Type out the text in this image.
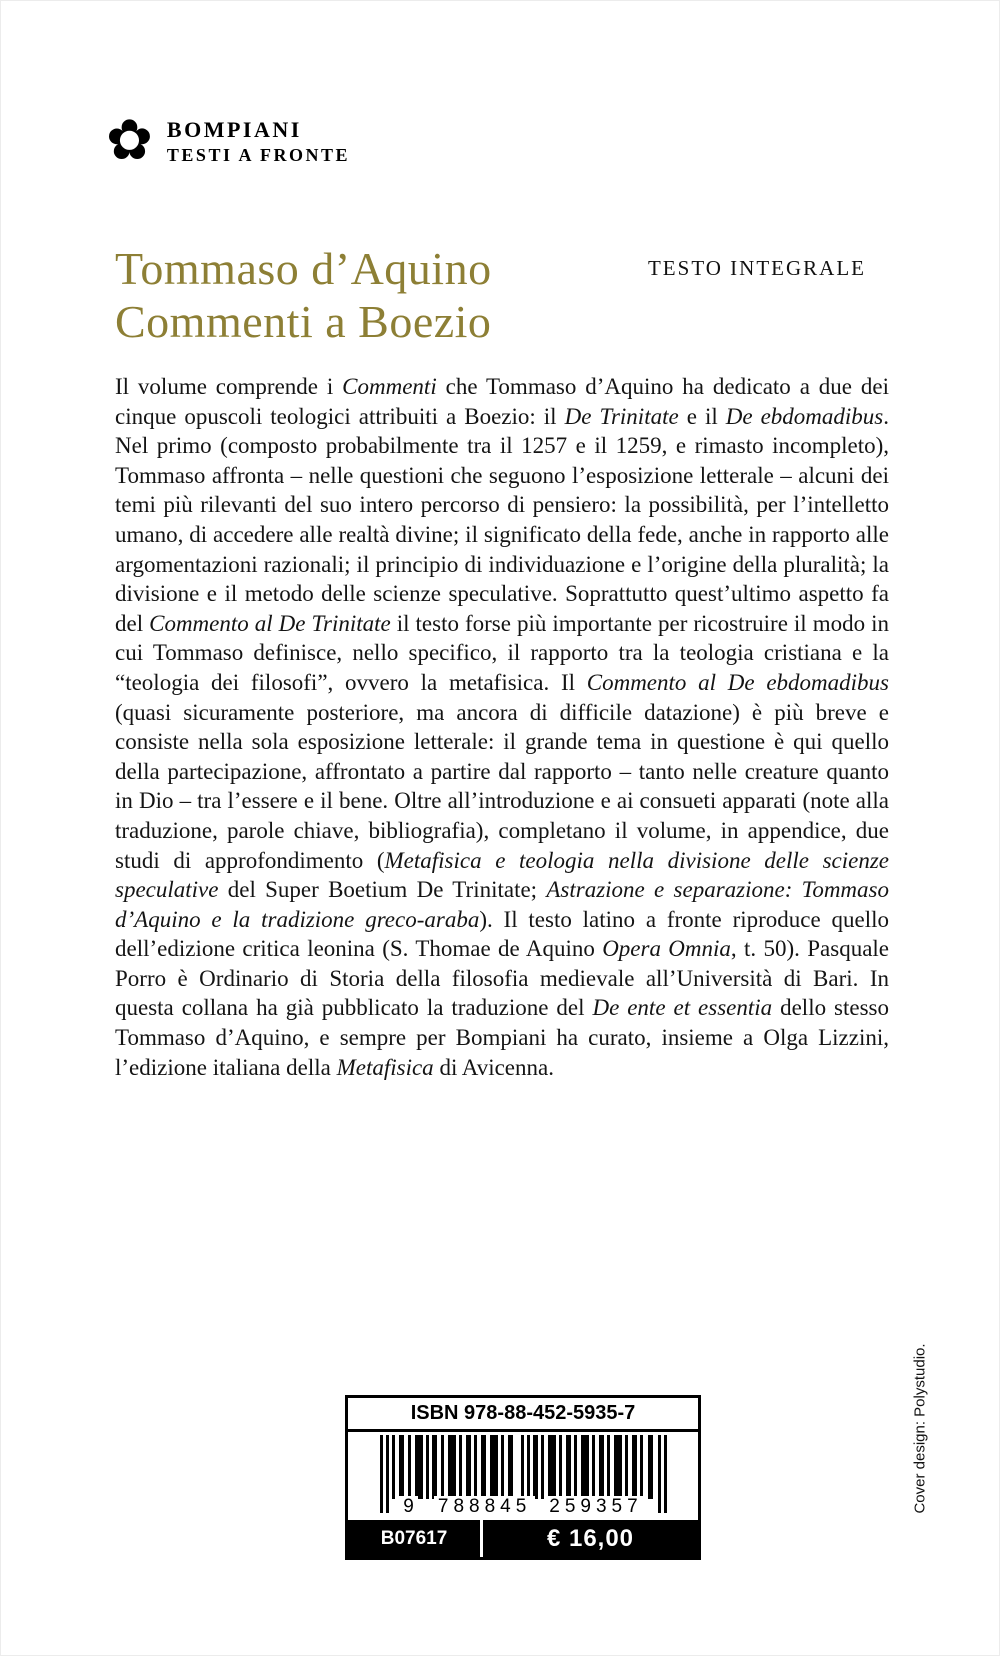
✿ BOMPIANI
TESTI A FRONTE
Tommaso d’Aquino
Commenti a Boezio
TESTO INTEGRALE
Il volume comprende i Commenti che Tommaso d’Aquino ha dedicato a due dei cinque opuscoli teologici attribuiti a Boezio: il De Trinitate e il De ebdomadibus. Nel primo (composto probabilmente tra il 1257 e il 1259, e rimasto incompleto), Tommaso affronta – nelle questioni che seguono l’esposizione letterale – alcuni dei temi più rilevanti del suo intero percorso di pensiero: la possibilità, per l’intelletto umano, di accedere alle realtà divine; il significato della fede, anche in rapporto alle argomentazioni razionali; il principio di individuazione e l’origine della pluralità; la divisione e il metodo delle scienze speculative. Soprattutto quest’ultimo aspetto fa del Commento al De Trinitate il testo forse più importante per ricostruire il modo in cui Tommaso definisce, nello specifico, il rapporto tra la teologia cristiana e la “teologia dei filosofi”, ovvero la metafisica. Il Commento al De ebdomadibus (quasi sicuramente posteriore, ma ancora di difficile datazione) è più breve e consiste nella sola esposizione letterale: il grande tema in questione è qui quello della partecipazione, affrontato a partire dal rapporto – tanto nelle creature quanto in Dio – tra l’essere e il bene. Oltre all’introduzione e ai consueti apparati (note alla traduzione, parole chiave, bibliografia), completano il volume, in appendice, due studi di approfondimento (Metafisica e teologia nella divisione delle scienze speculative del Super Boetium De Trinitate; Astrazione e separazione: Tommaso d’Aquino e la tradizione greco-araba). Il testo latino a fronte riproduce quello dell’edizione critica leonina (S. Thomae de Aquino Opera Omnia, t. 50). Pasquale Porro è Ordinario di Storia della filosofia medievale all’Università di Bari. In questa collana ha già pubblicato la traduzione del De ente et essentia dello stesso Tommaso d’Aquino, e sempre per Bompiani ha curato, insieme a Olga Lizzini, l’edizione italiana della Metafisica di Avicenna.
ISBN 978-88-452-5935-7
9 788845 259357
B07617	€ 16,00
Cover design: Polystudio.
